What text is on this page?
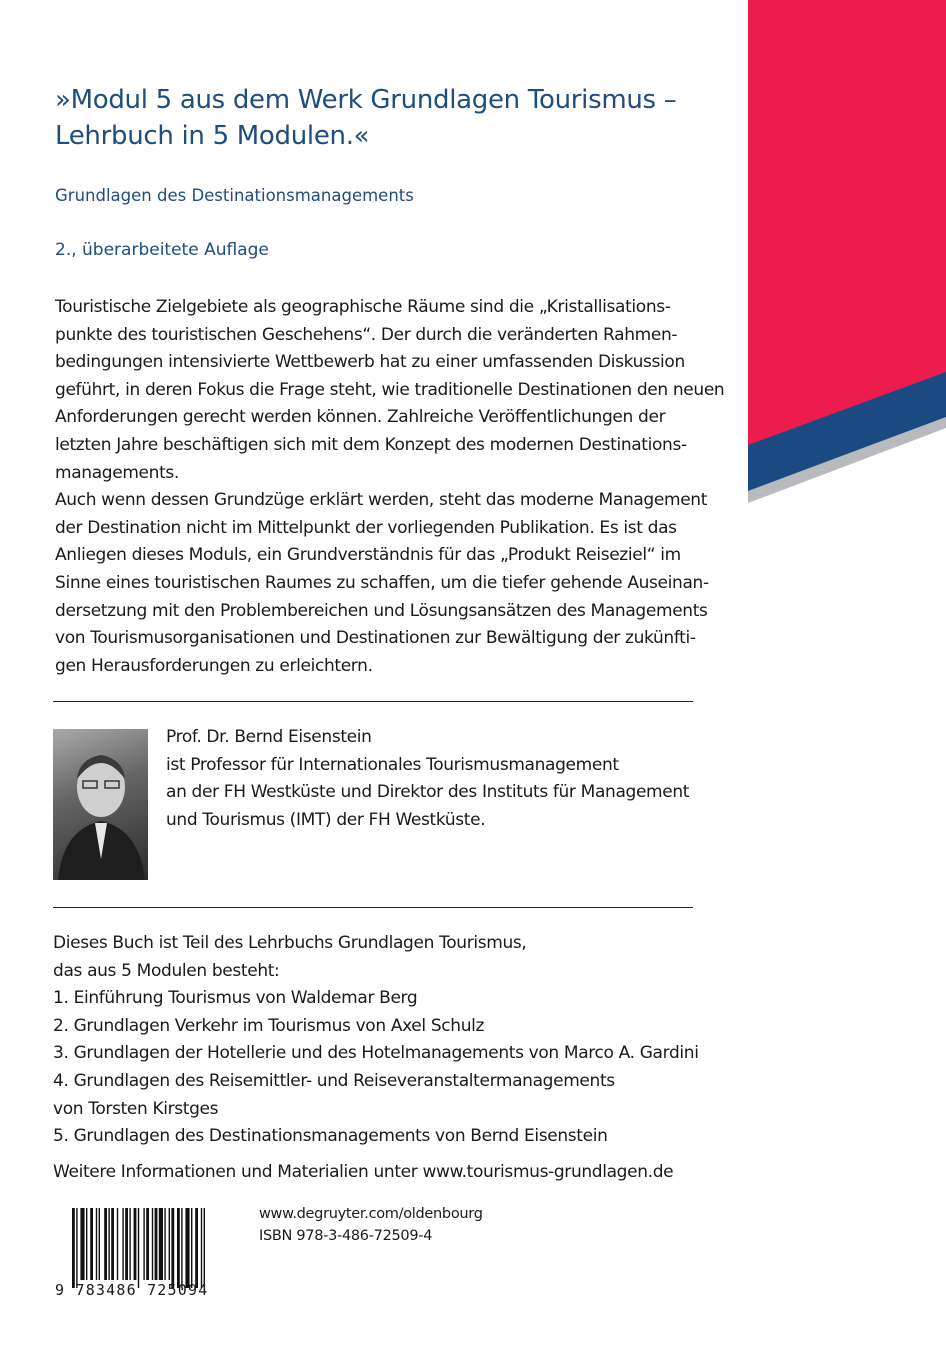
»Modul 5 aus dem Werk Grundlagen Tourismus –
Lehrbuch in 5 Modulen.«
Grundlagen des Destinationsmanagements
2., überarbeitete Auflage
Touristische Zielgebiete als geographische Räume sind die „Kristallisations-
punkte des touristischen Geschehens“. Der durch die veränderten Rahmen-
bedingungen intensivierte Wettbewerb hat zu einer umfassenden Diskussion
geführt, in deren Fokus die Frage steht, wie traditionelle Destinationen den neuen
Anforderungen gerecht werden können. Zahlreiche Veröffentlichungen der
letzten Jahre beschäftigen sich mit dem Konzept des modernen Destinations-
managements.
Auch wenn dessen Grundzüge erklärt werden, steht das moderne Management
der Destination nicht im Mittelpunkt der vorliegenden Publikation. Es ist das
Anliegen dieses Moduls, ein Grundverständnis für das „Produkt Reiseziel“ im
Sinne eines touristischen Raumes zu schaffen, um die tiefer gehende Auseinan-
dersetzung mit den Problembereichen und Lösungsansätzen des Managements
von Tourismusorganisationen und Destinationen zur Bewältigung der zukünfti-
gen Herausforderungen zu erleichtern.
Prof. Dr. Bernd Eisenstein
ist Professor für Internationales Tourismusmanagement
an der FH Westküste und Direktor des Instituts für Management
und Tourismus (IMT) der FH Westküste.
Dieses Buch ist Teil des Lehrbuchs Grundlagen Tourismus,
das aus 5 Modulen besteht:
1. Einführung Tourismus von Waldemar Berg
2. Grundlagen Verkehr im Tourismus von Axel Schulz
3. Grundlagen der Hotellerie und des Hotelmanagements von Marco A. Gardini
4. Grundlagen des Reisemittler- und Reiseveranstaltermanagements
von Torsten Kirstges
5. Grundlagen des Destinationsmanagements von Bernd Eisenstein
Weitere Informationen und Materialien unter www.tourismus-grundlagen.de
9 783486 725094
www.degruyter.com/oldenbourg
ISBN 978-3-486-72509-4
